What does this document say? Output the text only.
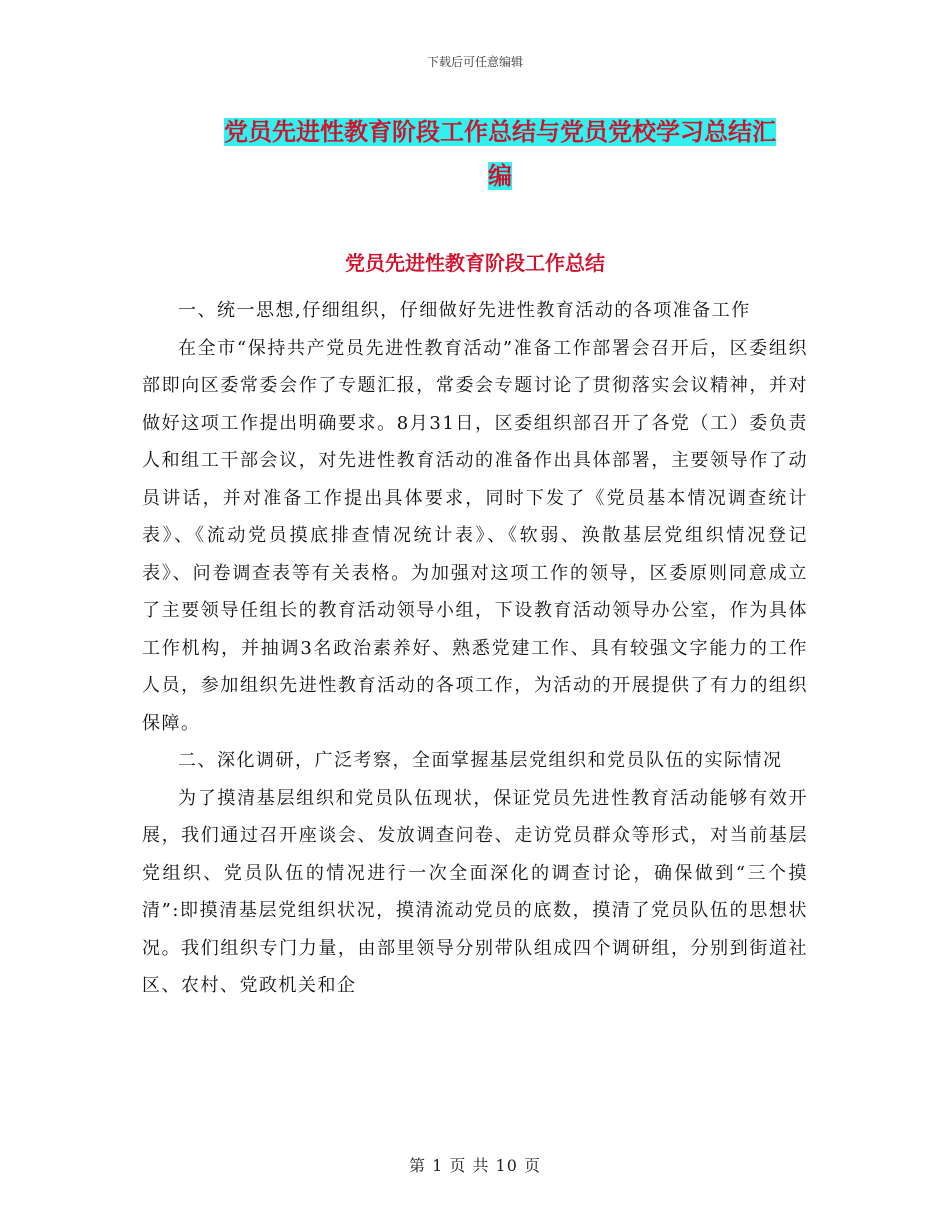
下载后可任意编辑
党员先进性教育阶段工作总结与党员党校学习总结汇
编
党员先进性教育阶段工作总结

一、统一思想,仔细组织，仔细做好先进性教育活动的各项准备工作

在全市“保持共产党员先进性教育活动”准备工作部署会召开后，区委组织部即向区委常委会作了专题汇报，常委会专题讨论了贯彻落实会议精神，并对做好这项工作提出明确要求。8月31日，区委组织部召开了各党（工）委负责人和组工干部会议，对先进性教育活动的准备作出具体部署，主要领导作了动员讲话，并对准备工作提出具体要求，同时下发了《党员基本情况调查统计表》、《流动党员摸底排查情况统计表》、《软弱、涣散基层党组织情况登记表》、问卷调查表等有关表格。为加强对这项工作的领导，区委原则同意成立了主要领导任组长的教育活动领导小组，下设教育活动领导办公室，作为具体工作机构，并抽调3名政治素养好、熟悉党建工作、具有较强文字能力的工作人员，参加组织先进性教育活动的各项工作，为活动的开展提供了有力的组织保障。

二、深化调研，广泛考察，全面掌握基层党组织和党员队伍的实际情况

为了摸清基层组织和党员队伍现状，保证党员先进性教育活动能够有效开展，我们通过召开座谈会、发放调查问卷、走访党员群众等形式，对当前基层党组织、党员队伍的情况进行一次全面深化的调查讨论，确保做到“三个摸清”:即摸清基层党组织状况，摸清流动党员的底数，摸清了党员队伍的思想状况。我们组织专门力量，由部里领导分别带队组成四个调研组，分别到街道社区、农村、党政机关和企

第 1 页 共 10 页
